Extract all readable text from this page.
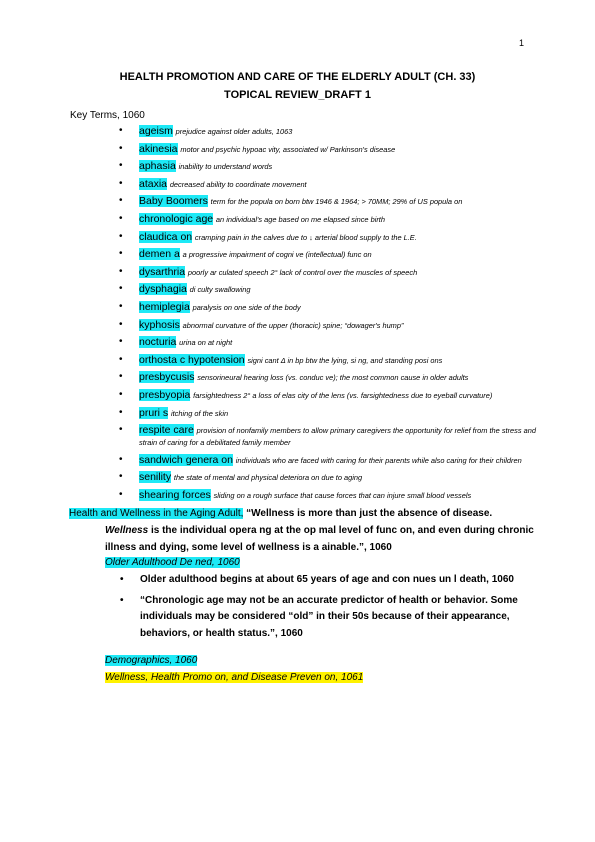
1
HEALTH PROMOTION AND CARE OF THE ELDERLY ADULT (CH. 33)
TOPICAL REVIEW_DRAFT 1
Key Terms, 1060
• ageism prejudice against older adults, 1063
• akinesia motor and psychic hypoac vity, associated w/ Parkinson's disease
• aphasia inability to understand words
• ataxia decreased ability to coordinate movement
• Baby Boomers term for the popula on born btw 1946 & 1964; > 70MM; 29% of US popula on
• chronologic age an individual's age based on me elapsed since birth
• claudica on cramping pain in the calves due to ↓ arterial blood supply to the L.E.
• demen a a progressive impairment of cogni ve (intellectual) func on
• dysarthria poorly ar culated speech 2° lack of control over the muscles of speech
• dysphagia di culty swallowing
• hemiplegia paralysis on one side of the body
• kyphosis abnormal curvature of the upper (thoracic) spine; “dowager's hump”
• nocturia urina on at night
• orthosta c hypotension signi cant Δ in bp btw the lying, si ng, and standing posi ons
• presbycusis sensorineural hearing loss (vs. conduc ve); the most common cause in older adults
• presbyopia farsightedness 2° a loss of elas city of the lens (vs. farsightedness due to eyeball curvature)
• pruri s itching of the skin
• respite care provision of nonfamily members to allow primary caregivers the opportunity for relief from the stress and strain of caring for a debilitated family member
• sandwich genera on individuals who are faced with caring for their parents while also caring for their children
• senility the state of mental and physical deteriora on due to aging
• shearing forces sliding on a rough surface that cause forces that can injure small blood vessels
Health and Wellness in the Aging Adult, “Wellness is more than just the absence of disease.
Wellness is the individual opera ng at the op mal level of func on, and even during chronic illness and dying, some level of wellness is a ainable.”, 1060
Older Adulthood De ned, 1060
• Older adulthood begins at about 65 years of age and con nues un l death, 1060
• “Chronologic age may not be an accurate predictor of health or behavior. Some individuals may be considered “old” in their 50s because of their appearance, behaviors, or health status.”, 1060
Demographics, 1060
Wellness, Health Promo on, and Disease Preven on, 1061
